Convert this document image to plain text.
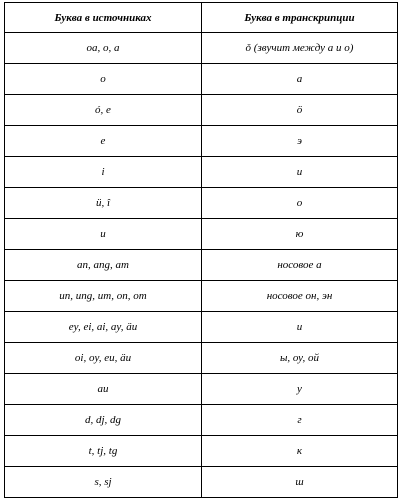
Буква в источниках	Буква в транскрипции
oa, o, a	ǒ (звучит между а и о)
o	а
ó, e	ö
e	э
i	и
ü, î	о
u	ю
an, ang, am	носовое а
un, ung, um, on, om	носовое он, эн
ey, ei, ai, ay, äu	и
oi, oy, eu, äu	ы, оу, ой
au	у
d, dj, dg	г
t, tj, tg	к
s, sj	ш
